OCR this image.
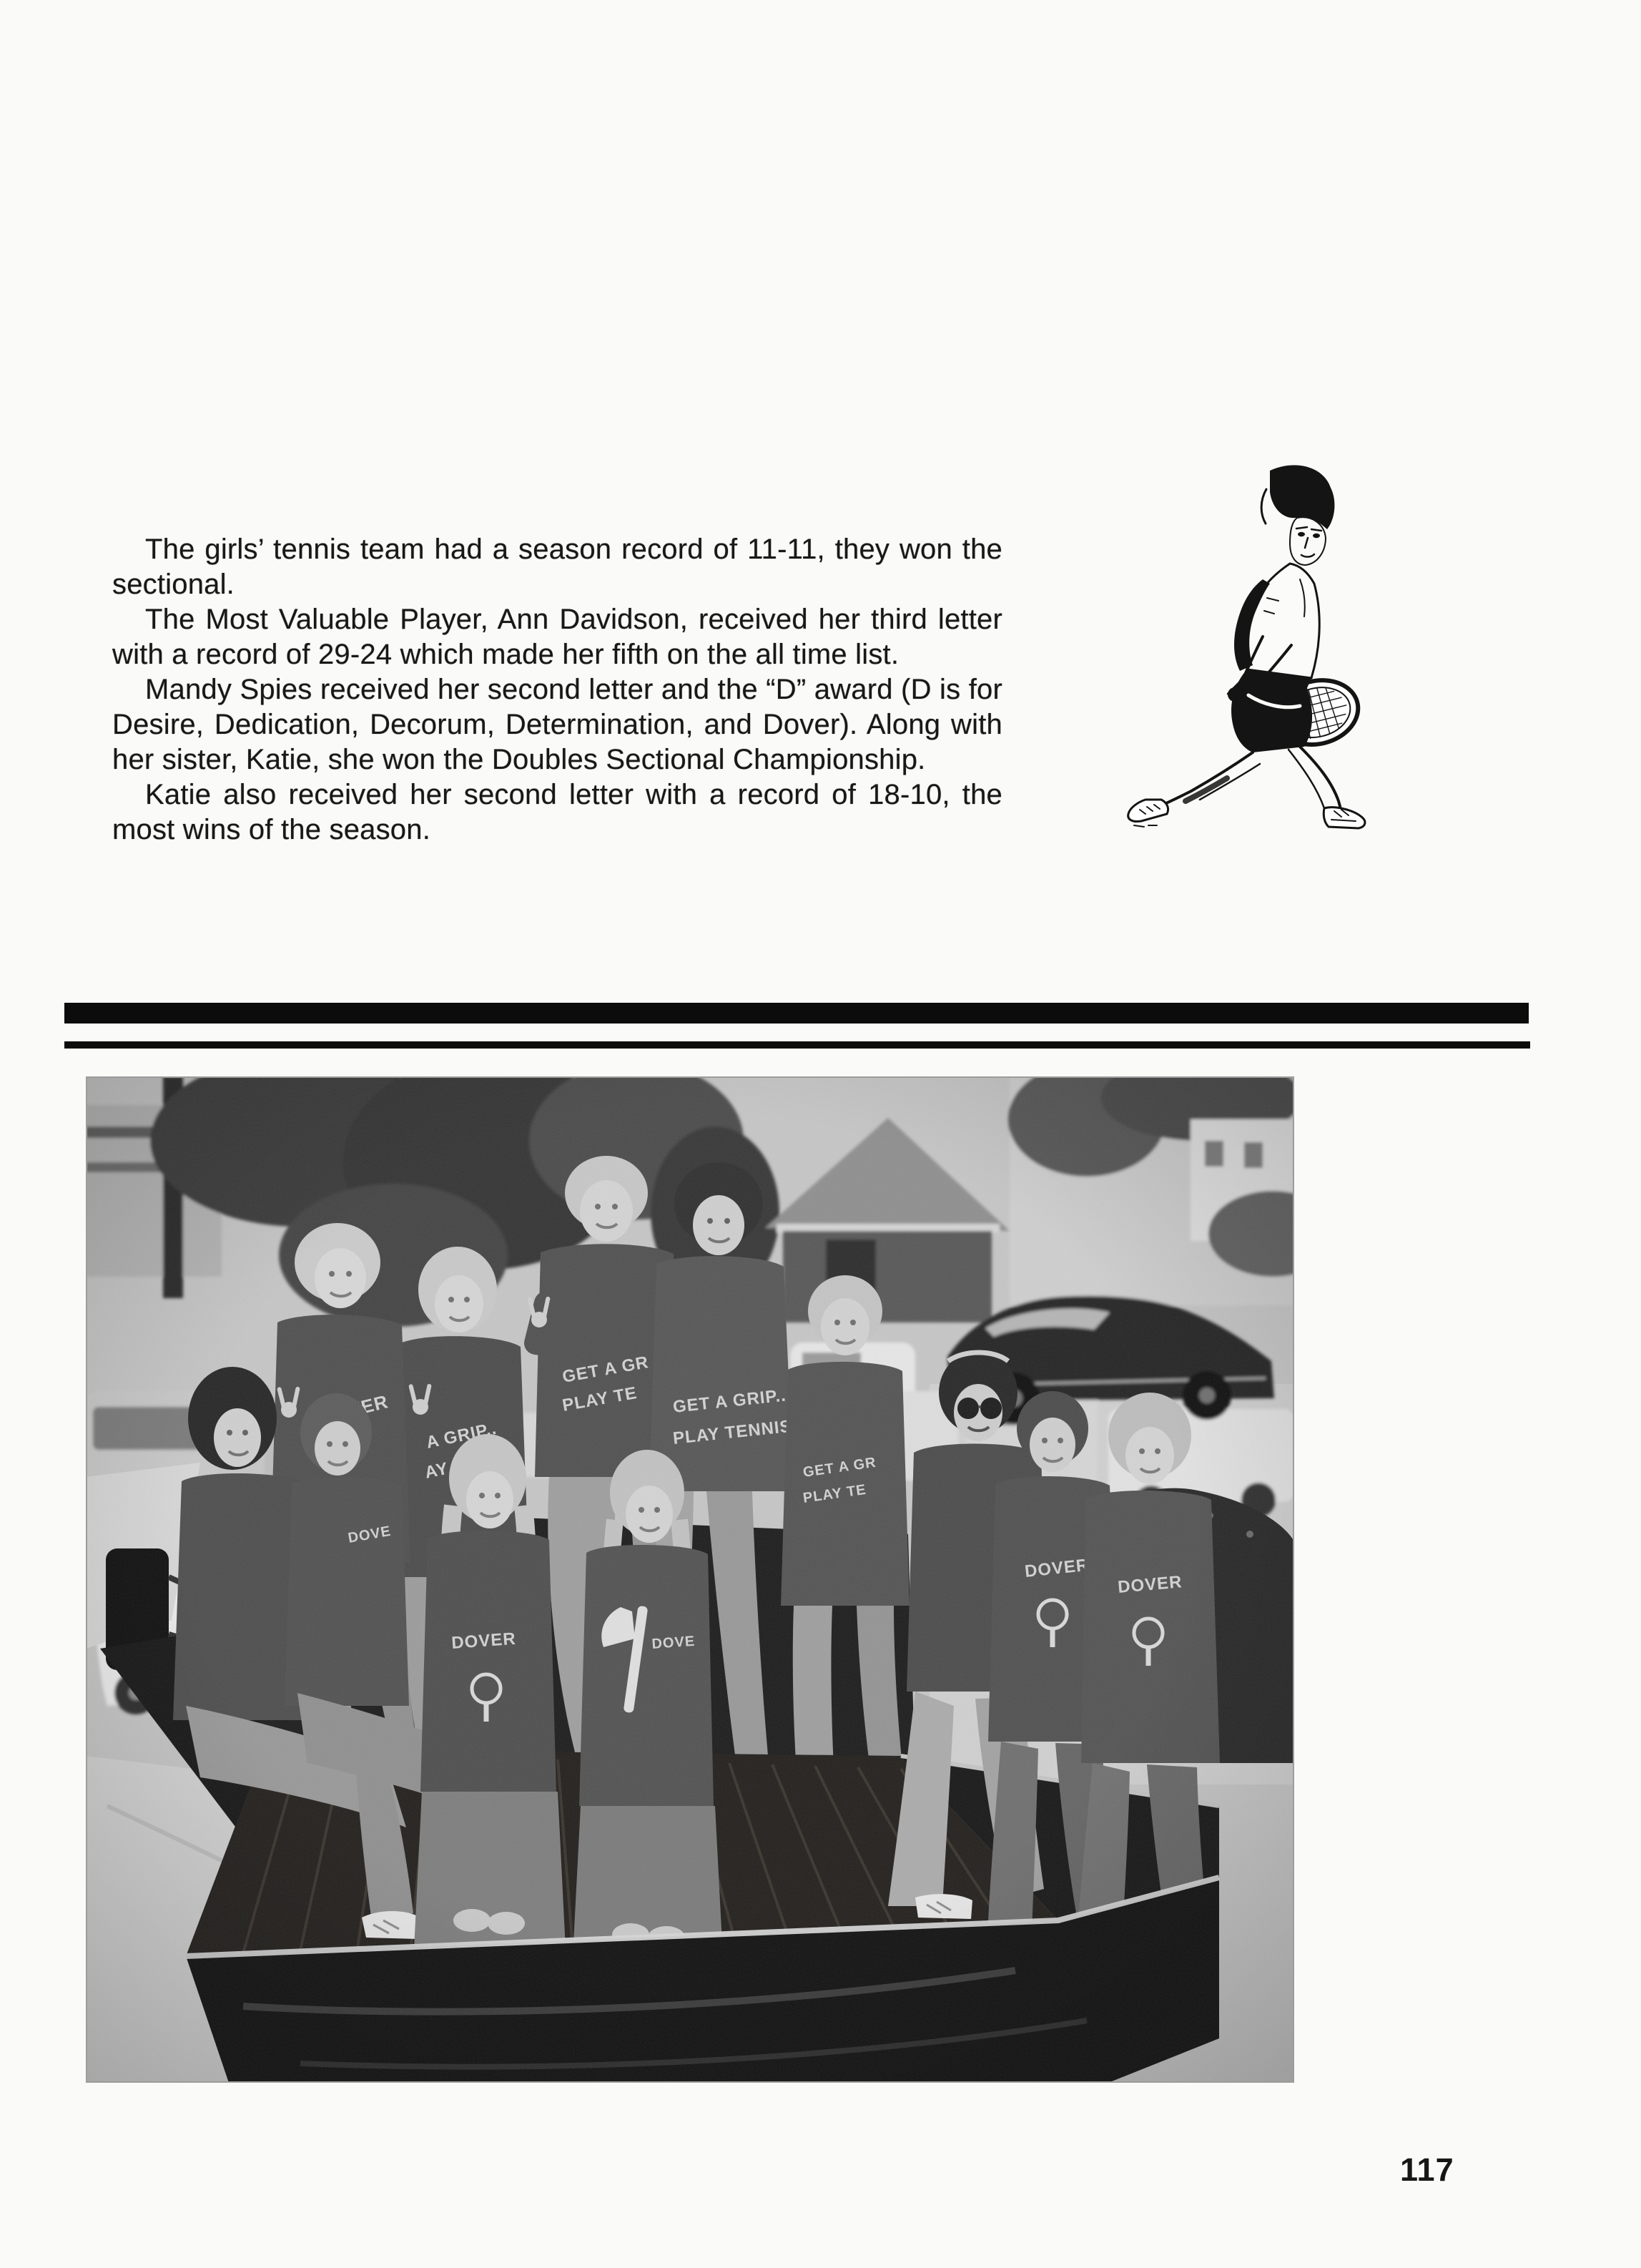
The girls’ tennis team had a season record of 11-11, they won the sectional.

The Most Valuable Player, Ann Davidson, received her third letter with a record of 29-24 which made her fifth on the all time list.

Mandy Spies received her second letter and the “D” award (D is for Desire, Dedication, Decorum, Determination, and Dover). Along with her sister, Katie, she won the Doubles Sectional Championship.

Katie also received her second letter with a record of 18-10, the most wins of the season.

117
